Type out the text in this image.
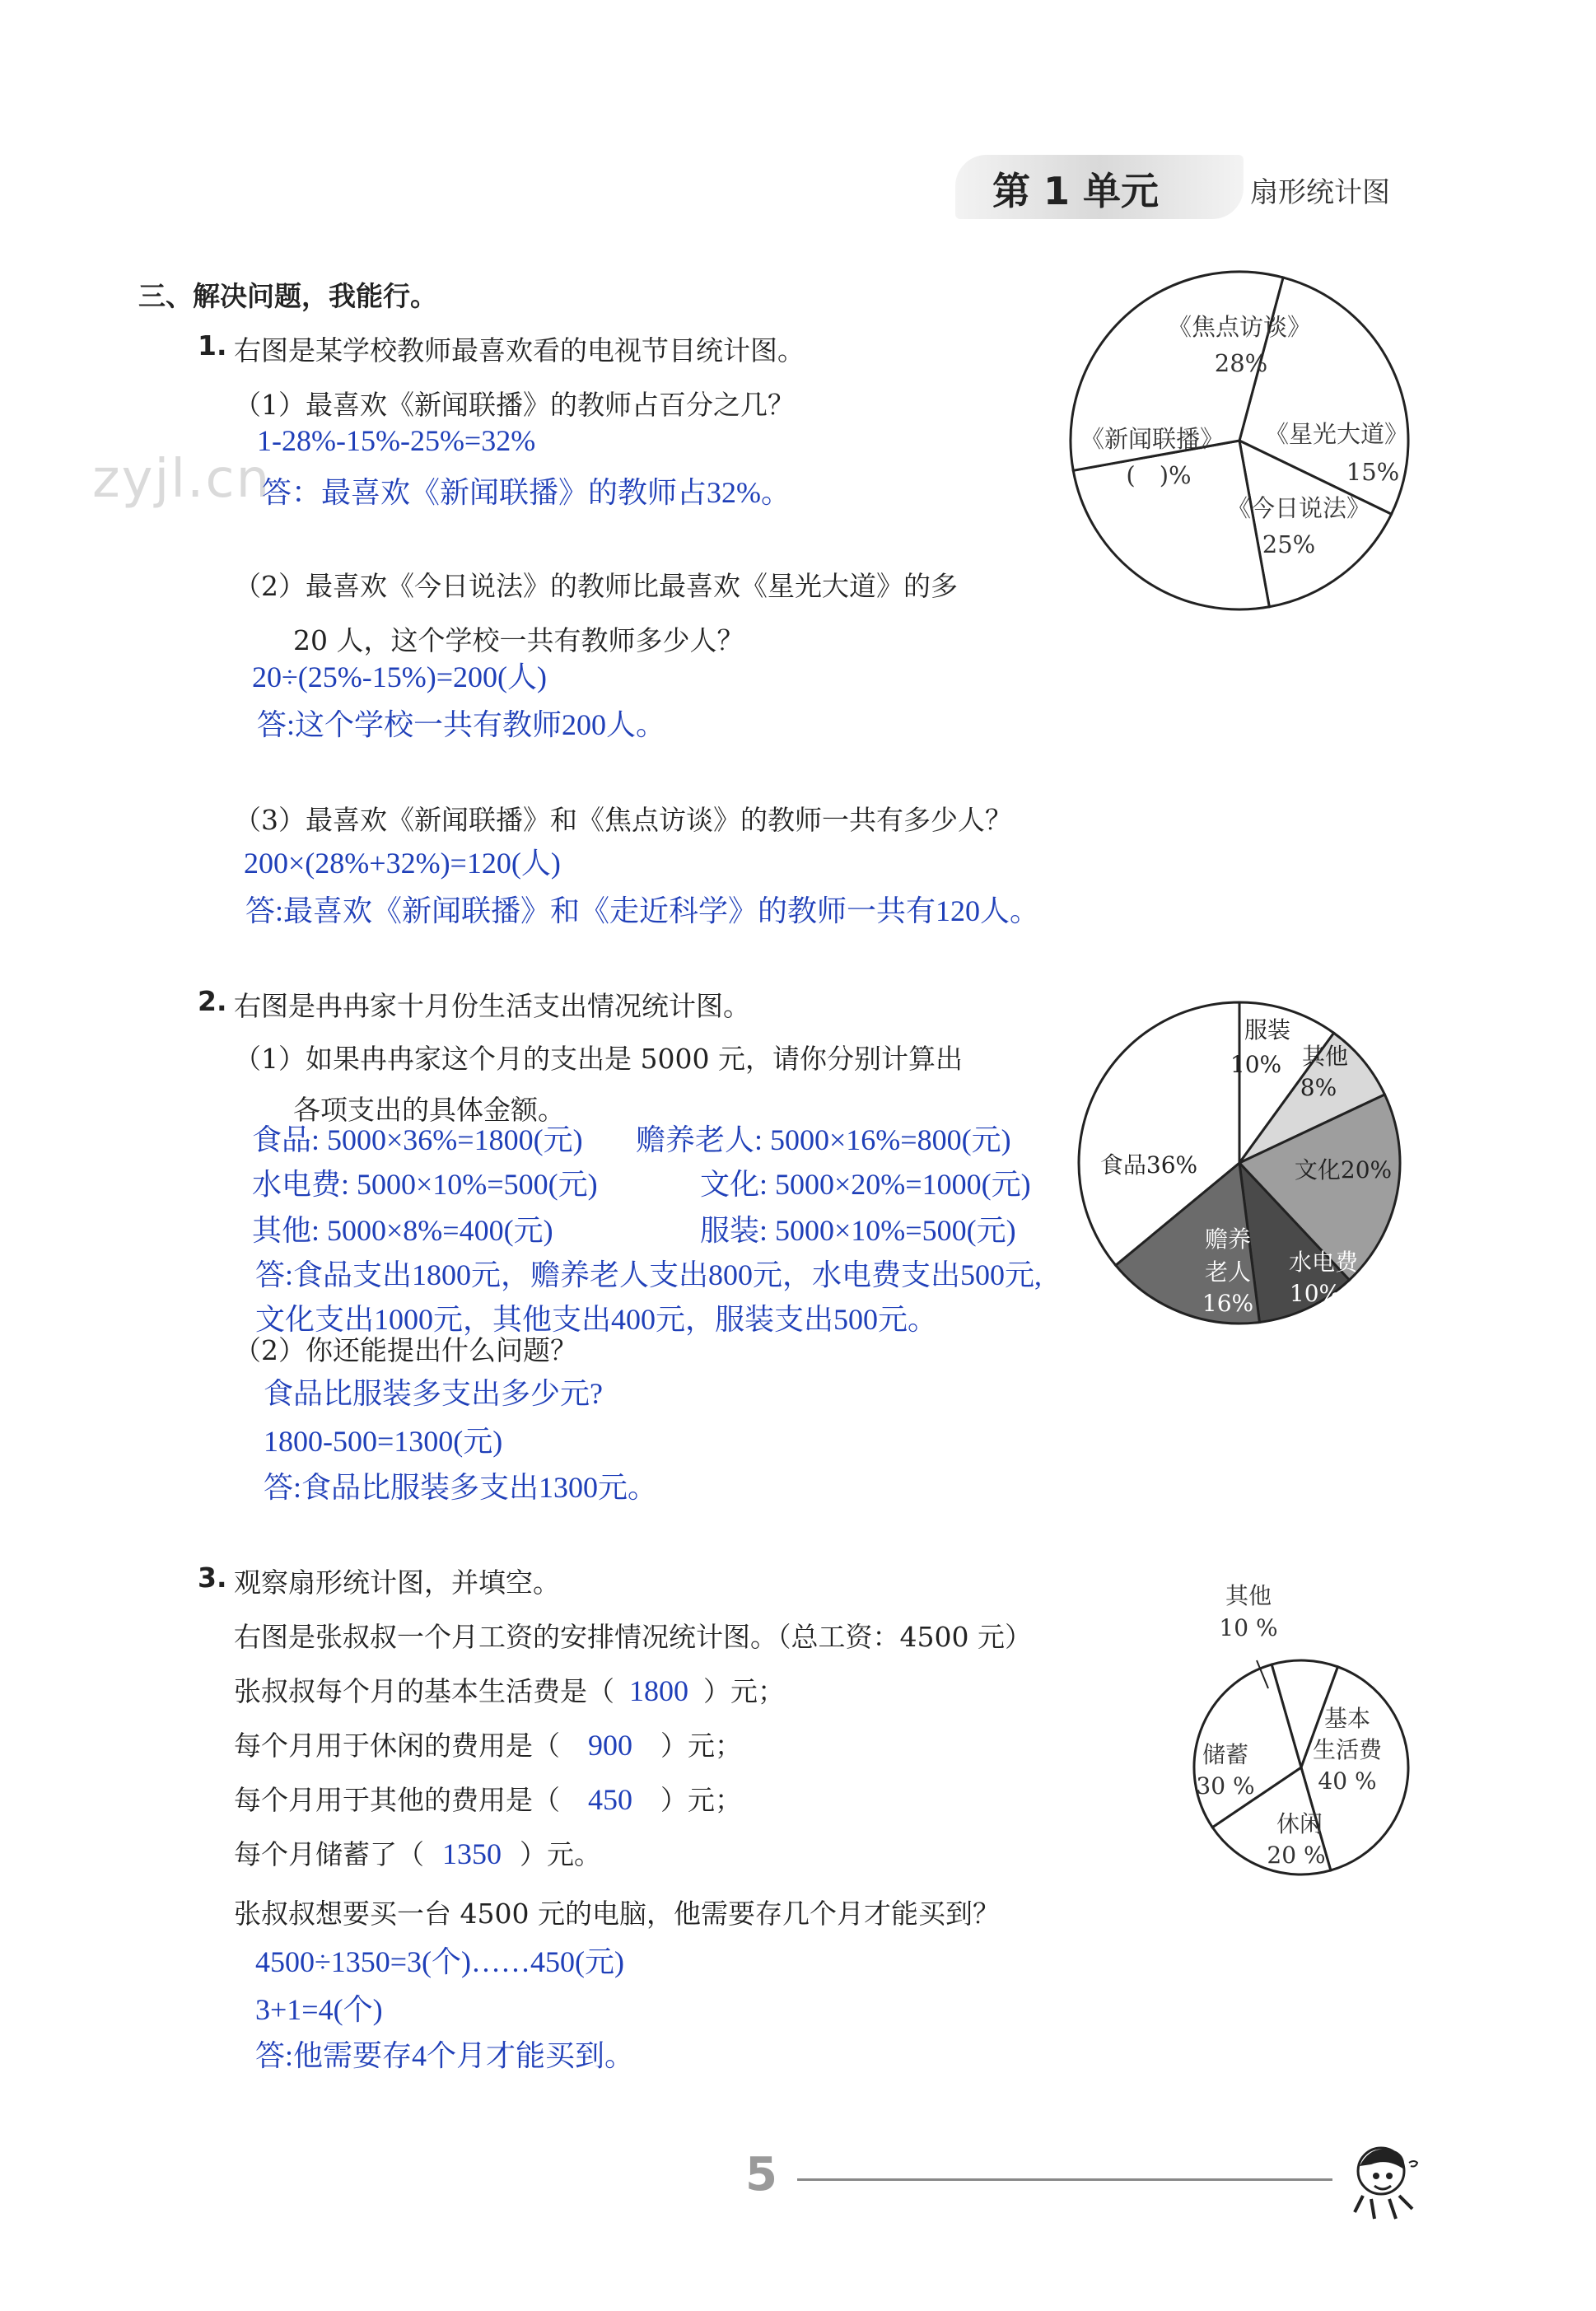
第 1 单元	扇形统计图
zyjl.cn
三、解决问题，我能行。
1. 右图是某学校教师最喜欢看的电视节目统计图。
（1）最喜欢《新闻联播》的教师占百分之几？
1-28%-15%-25%=32%
答：最喜欢《新闻联播》的教师占32%。
（2）最喜欢《今日说法》的教师比最喜欢《星光大道》的多
20 人，这个学校一共有教师多少人？
20÷(25%-15%)=200(人)
答:这个学校一共有教师200人。
（3）最喜欢《新闻联播》和《焦点访谈》的教师一共有多少人？
200×(28%+32%)=120(人)
答:最喜欢《新闻联播》和《走近科学》的教师一共有120人。
《焦点访谈》
28%
《星光大道》
15%
《今日说法》
25%
《新闻联播》
(　)%
2. 右图是冉冉家十月份生活支出情况统计图。
（1）如果冉冉家这个月的支出是 5000 元，请你分别计算出
各项支出的具体金额。
食品: 5000×36%=1800(元) 赡养老人: 5000×16%=800(元)
水电费: 5000×10%=500(元)	文化: 5000×20%=1000(元)
其他: 5000×8%=400(元)	服装: 5000×10%=500(元)
答:食品支出1800元，赡养老人支出800元，水电费支出500元,
文化支出1000元，其他支出400元，服装支出500元。
（2）你还能提出什么问题？
食品比服装多支出多少元?
1800-500=1300(元)
答:食品比服装多支出1300元。
服装
10% 其他
8%
文化20%
水电费
10%
赡养
老人
16%
食品36%
3. 观察扇形统计图，并填空。
右图是张叔叔一个月工资的安排情况统计图。（总工资：4500 元）
张叔叔每个月的基本生活费是（ 1800 ）元；
每个月用于休闲的费用是（ 900 ）元；
每个月用于其他的费用是（ 450 ）元；
每个月储蓄了（ 1350 ）元。
张叔叔想要买一台 4500 元的电脑，他需要存几个月才能买到？
4500÷1350=3(个)……450(元)
3+1=4(个)
答:他需要存4个月才能买到。
其他
10 %
基本
生活费
40 %
休闲
20 %
储蓄
30 %
5
